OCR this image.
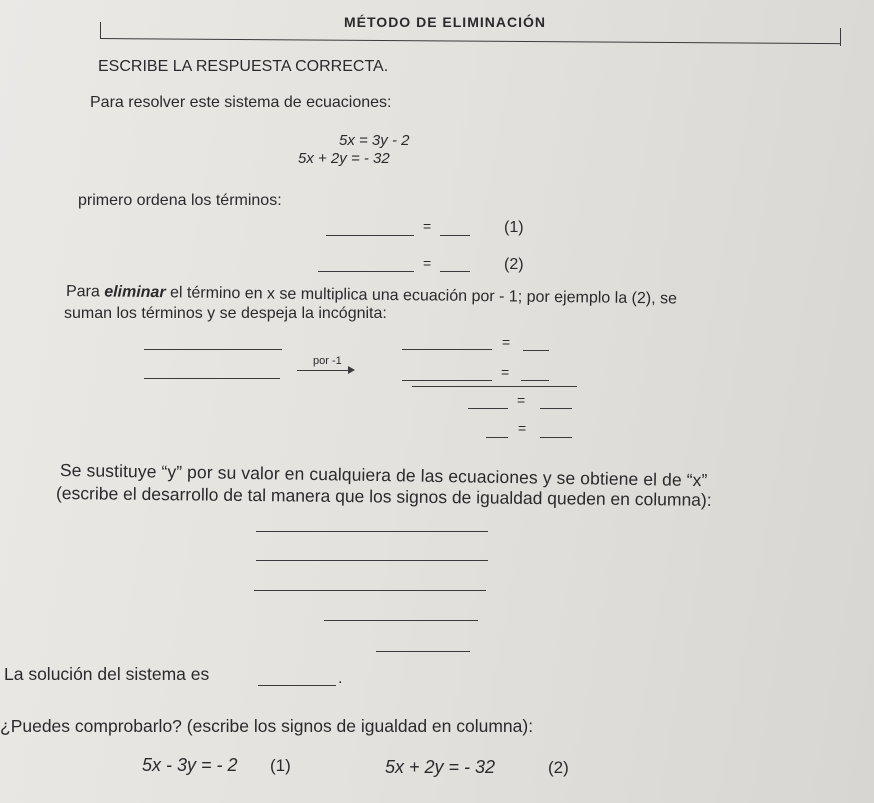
MÉTODO DE ELIMINACIÓN
ESCRIBE LA RESPUESTA CORRECTA.
Para resolver este sistema de ecuaciones:
5x = 3y - 2
5x + 2y = - 32
primero ordena los términos:
=	(1)
=	(2)
Para eliminar el término en x se multiplica una ecuación por - 1; por ejemplo la (2), se
suman los términos y se despeja la incógnita:
por -1
=
=
=
=
Se sustituye “y” por su valor en cualquiera de las ecuaciones y se obtiene el de “x”
(escribe el desarrollo de tal manera que los signos de igualdad queden en columna):
La solución del sistema es	.
¿Puedes comprobarlo? (escribe los signos de igualdad en columna):
5x - 3y = - 2 (1)	5x + 2y = - 32	(2)
